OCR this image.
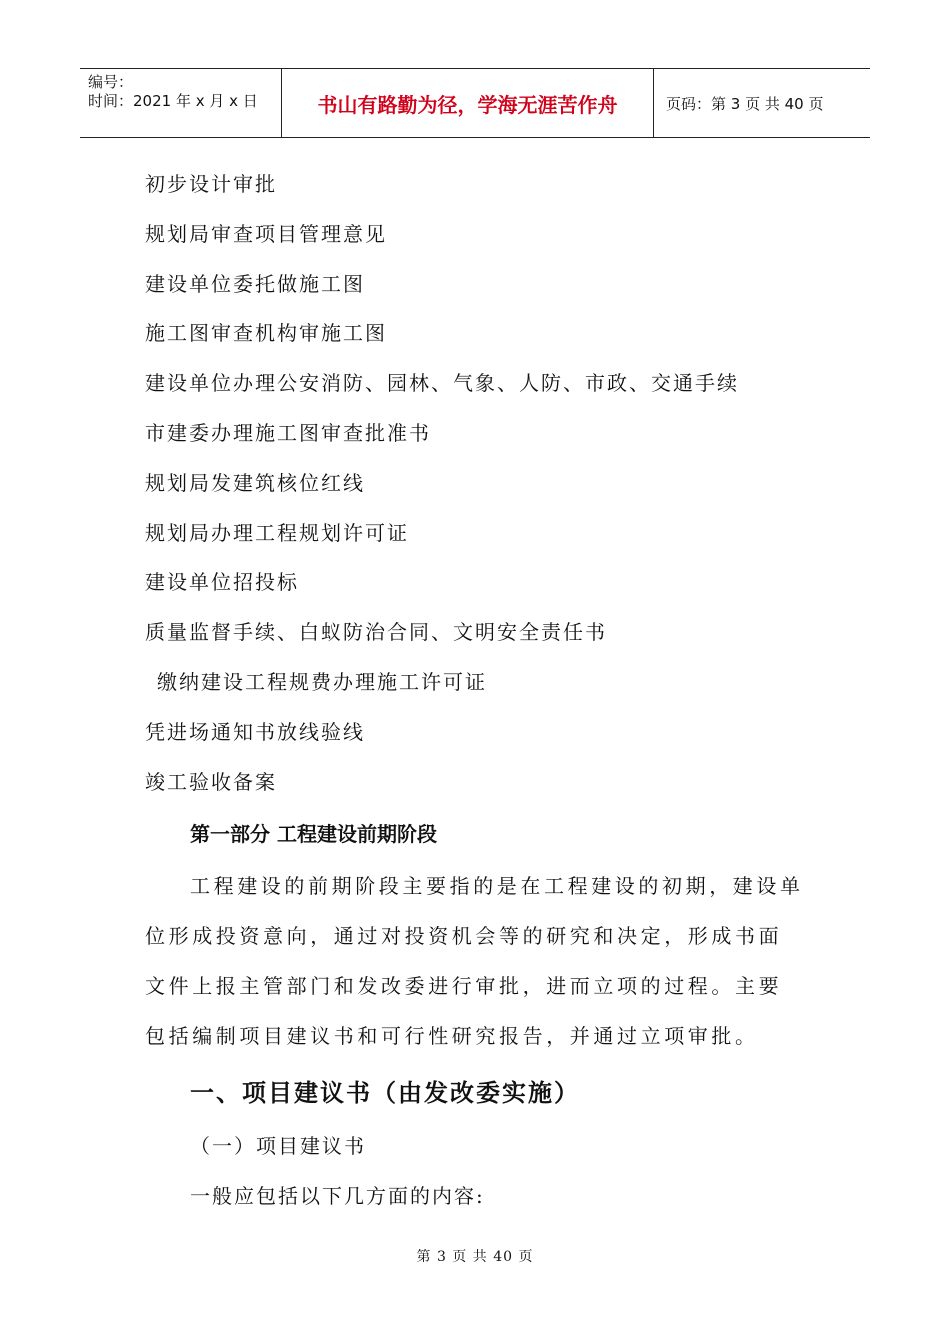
编号：
时间：2021 年 x 月 x 日	书山有路勤为径，学海无涯苦作舟	页码：第 3 页 共 40 页
初步设计审批
规划局审查项目管理意见
建设单位委托做施工图
施工图审查机构审施工图
建设单位办理公安消防、园林、气象、人防、市政、交通手续
市建委办理施工图审查批准书
规划局发建筑核位红线
规划局办理工程规划许可证
建设单位招投标
质量监督手续、白蚁防治合同、文明安全责任书
缴纳建设工程规费办理施工许可证
凭进场通知书放线验线
竣工验收备案
第一部分 工程建设前期阶段
工程建设的前期阶段主要指的是在工程建设的初期，建设单位形成投资意向，通过对投资机会等的研究和决定，形成书面文件上报主管部门和发改委进行审批，进而立项的过程。主要包括编制项目建议书和可行性研究报告，并通过立项审批。
一、项目建议书（由发改委实施）
（一）项目建议书
一般应包括以下几方面的内容:
第 3 页 共 40 页
